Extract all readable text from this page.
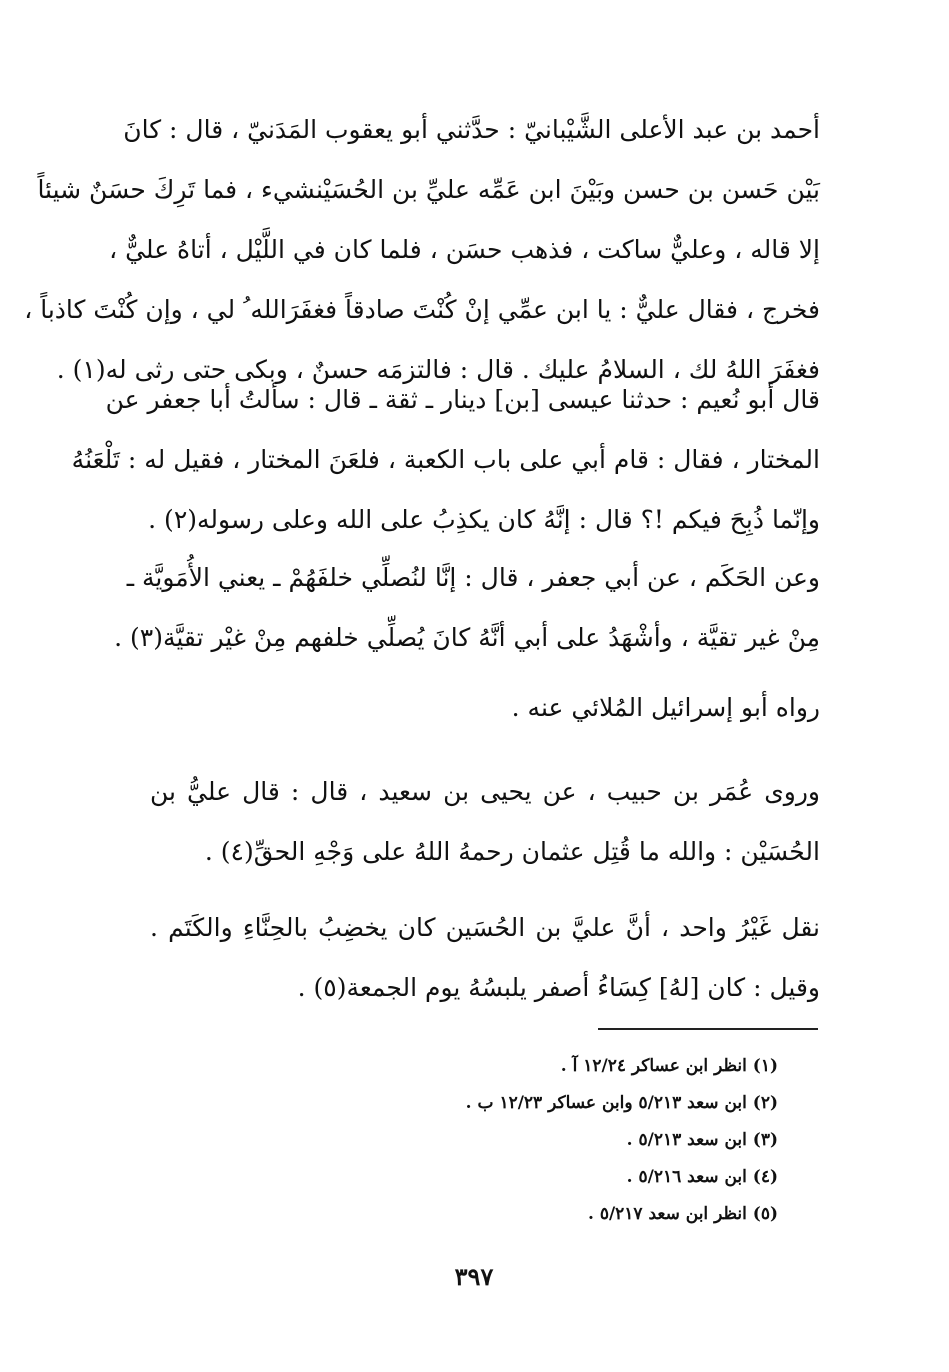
أحمد بن عبد الأعلى الشَّيْبانيّ : حدَّثني أبو يعقوب المَدَنيّ ، قال : كانَ
بَيْن حَسن بن حسن وبَيْنَ ابن عَمِّه عليِّ بن الحُسَيْنشيء ، فما تَرِكَ حسَنٌ شيئاً
إلا قاله ، وعليٌّ ساكت ، فذهب حسَن ، فلما كان في اللَّيْل ، أتاهُ عليٌّ ،
فخرج ، فقال عليٌّ : يا ابن عمِّي إنْ كُنْتَ صادقاً فغفَرَالله ُ لي ، وإن كُنْتَ كاذباً ،
فغفَرَ اللهُ لك ، السلامُ عليك . قال : فالتزمَه حسنٌ ، وبكى حتى رثى له(١) .
قال أبو نُعيم : حدثنا عيسى [بن] دينار ـ ثقة ـ قال : سألتُ أبا جعفر عن
المختار ، فقال : قام أبي على باب الكعبة ، فلعَنَ المختار ، فقيل له : تَلْعَنُهُ
وإنّما ذُبِحَ فيكم !؟ قال : إنَّهُ كان يكذِبُ على الله وعلى رسوله(٢) .
وعن الحَكَم ، عن أبي جعفر ، قال : إنَّا لنُصلِّي خلفَهُمْ ـ يعني الأُمَويَّة ـ
مِنْ غير تقيَّة ، وأشْهَدُ على أبي أنَّهُ كانَ يُصلِّي خلفهم مِنْ غيْر تقيَّة(٣) .
رواه أبو إسرائيل المُلائي عنه .
وروى عُمَر بن حبيب ، عن يحيى بن سعيد ، قال : قال عليُّ بن
الحُسَيْن : والله ما قُتِل عثمان رحمهُ اللهُ على وَجْهِ الحقِّ(٤) .
نقل غَيْرُ واحد ، أنَّ عليَّ بن الحُسَين كان يخضِبُ بالحِنَّاءِ والكَتَم .
وقيل : كان [لهُ] كِسَاءُ أصفر يلبسُهُ يوم الجمعة(٥) .
(١) انظر ابن عساكر ١٢/٢٤ آ .
(٢) ابن سعد ٥/٢١٣ وابن عساكر ١٢/٢٣ ب .
(٣) ابن سعد ٥/٢١٣ .
(٤) ابن سعد ٥/٢١٦ .
(٥) انظر ابن سعد ٥/٢١٧ .
٣٩٧
